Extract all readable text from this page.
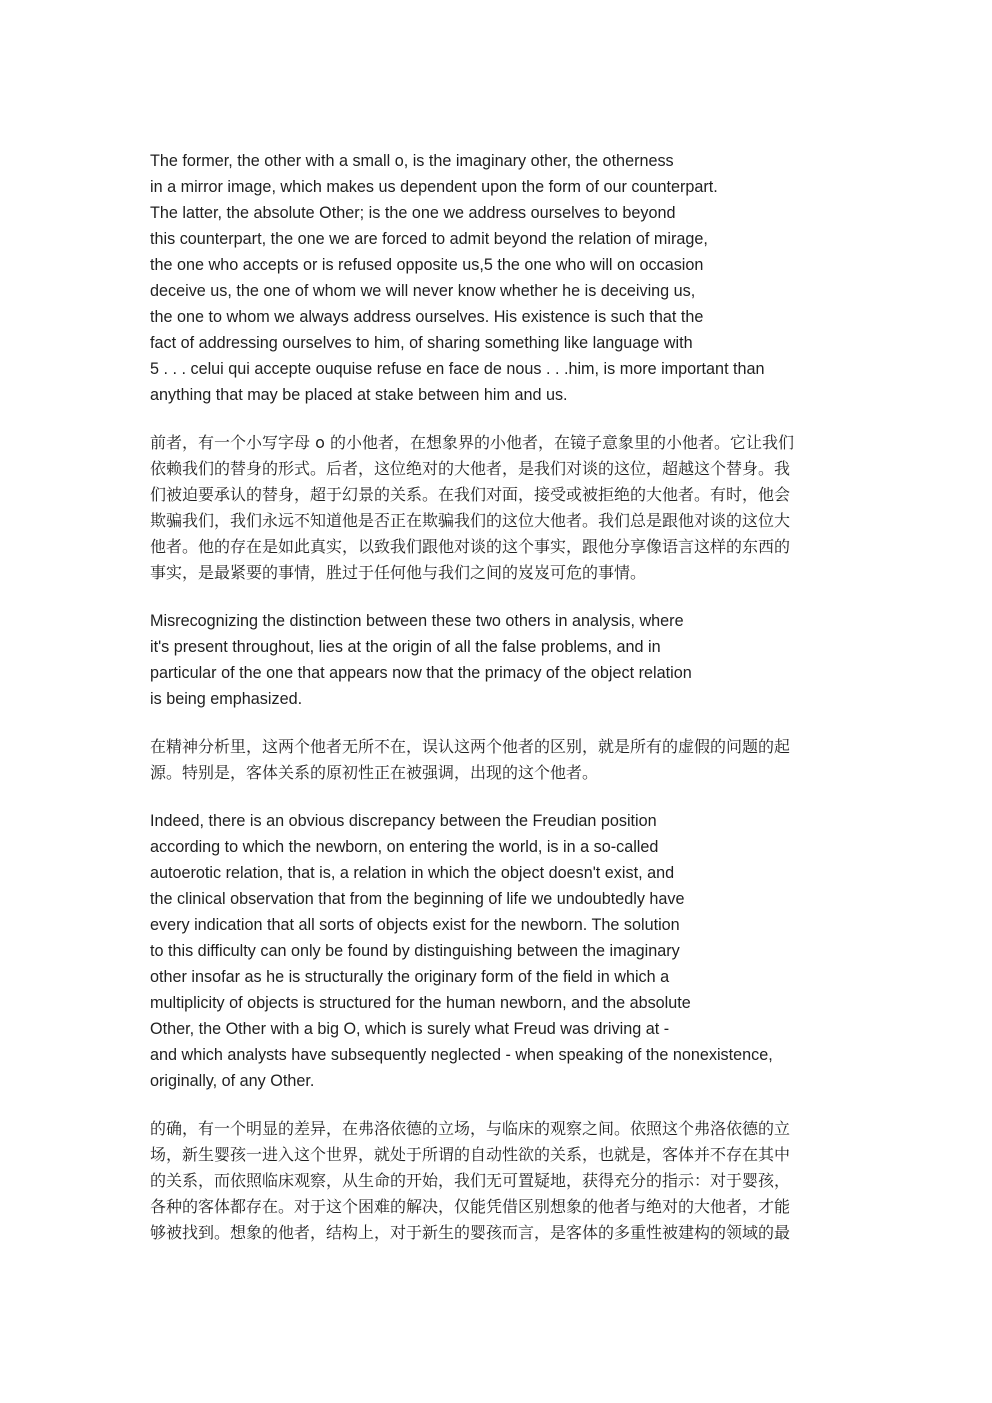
The former, the other with a small o, is the imaginary other, the otherness
in a mirror image, which makes us dependent upon the form of our counterpart.
The latter, the absolute Other; is the one we address ourselves to beyond
this counterpart, the one we are forced to admit beyond the relation of mirage,
the one who accepts or is refused opposite us,5 the one who will on occasion
deceive us, the one of whom we will never know whether he is deceiving us,
the one to whom we always address ourselves. His existence is such that the
fact of addressing ourselves to him, of sharing something like language with
5 . . . celui qui accepte ouquise refuse en face de nous . . .him, is more important than
anything that may be placed at stake between him and us.
前者，有一个小写字母 o 的小他者，在想象界的小他者，在镜子意象里的小他者。它让我们
依赖我们的替身的形式。后者，这位绝对的大他者，是我们对谈的这位，超越这个替身。我
们被迫要承认的替身，超于幻景的关系。在我们对面，接受或被拒绝的大他者。有时，他会
欺骗我们，我们永远不知道他是否正在欺骗我们的这位大他者。我们总是跟他对谈的这位大
他者。他的存在是如此真实，以致我们跟他对谈的这个事实，跟他分享像语言这样的东西的
事实，是最紧要的事情，胜过于任何他与我们之间的岌岌可危的事情。
Misrecognizing the distinction between these two others in analysis, where
it's present throughout, lies at the origin of all the false problems, and in
particular of the one that appears now that the primacy of the object relation
is being emphasized.
在精神分析里，这两个他者无所不在，误认这两个他者的区别，就是所有的虚假的问题的起
源。特别是，客体关系的原初性正在被强调，出现的这个他者。
Indeed, there is an obvious discrepancy between the Freudian position
according to which the newborn, on entering the world, is in a so-called
autoerotic relation, that is, a relation in which the object doesn't exist, and
the clinical observation that from the beginning of life we undoubtedly have
every indication that all sorts of objects exist for the newborn. The solution
to this difficulty can only be found by distinguishing between the imaginary
other insofar as he is structurally the originary form of the field in which a
multiplicity of objects is structured for the human newborn, and the absolute
Other, the Other with a big O, which is surely what Freud was driving at -
and which analysts have subsequently neglected - when speaking of the nonexistence,
originally, of any Other.
的确，有一个明显的差异，在弗洛依德的立场，与临床的观察之间。依照这个弗洛依德的立
场，新生婴孩一进入这个世界，就处于所谓的自动性欲的关系，也就是，客体并不存在其中
的关系，而依照临床观察，从生命的开始，我们无可置疑地，获得充分的指示：对于婴孩，
各种的客体都存在。对于这个困难的解决，仅能凭借区别想象的他者与绝对的大他者，才能
够被找到。想象的他者，结构上，对于新生的婴孩而言，是客体的多重性被建构的领域的最
